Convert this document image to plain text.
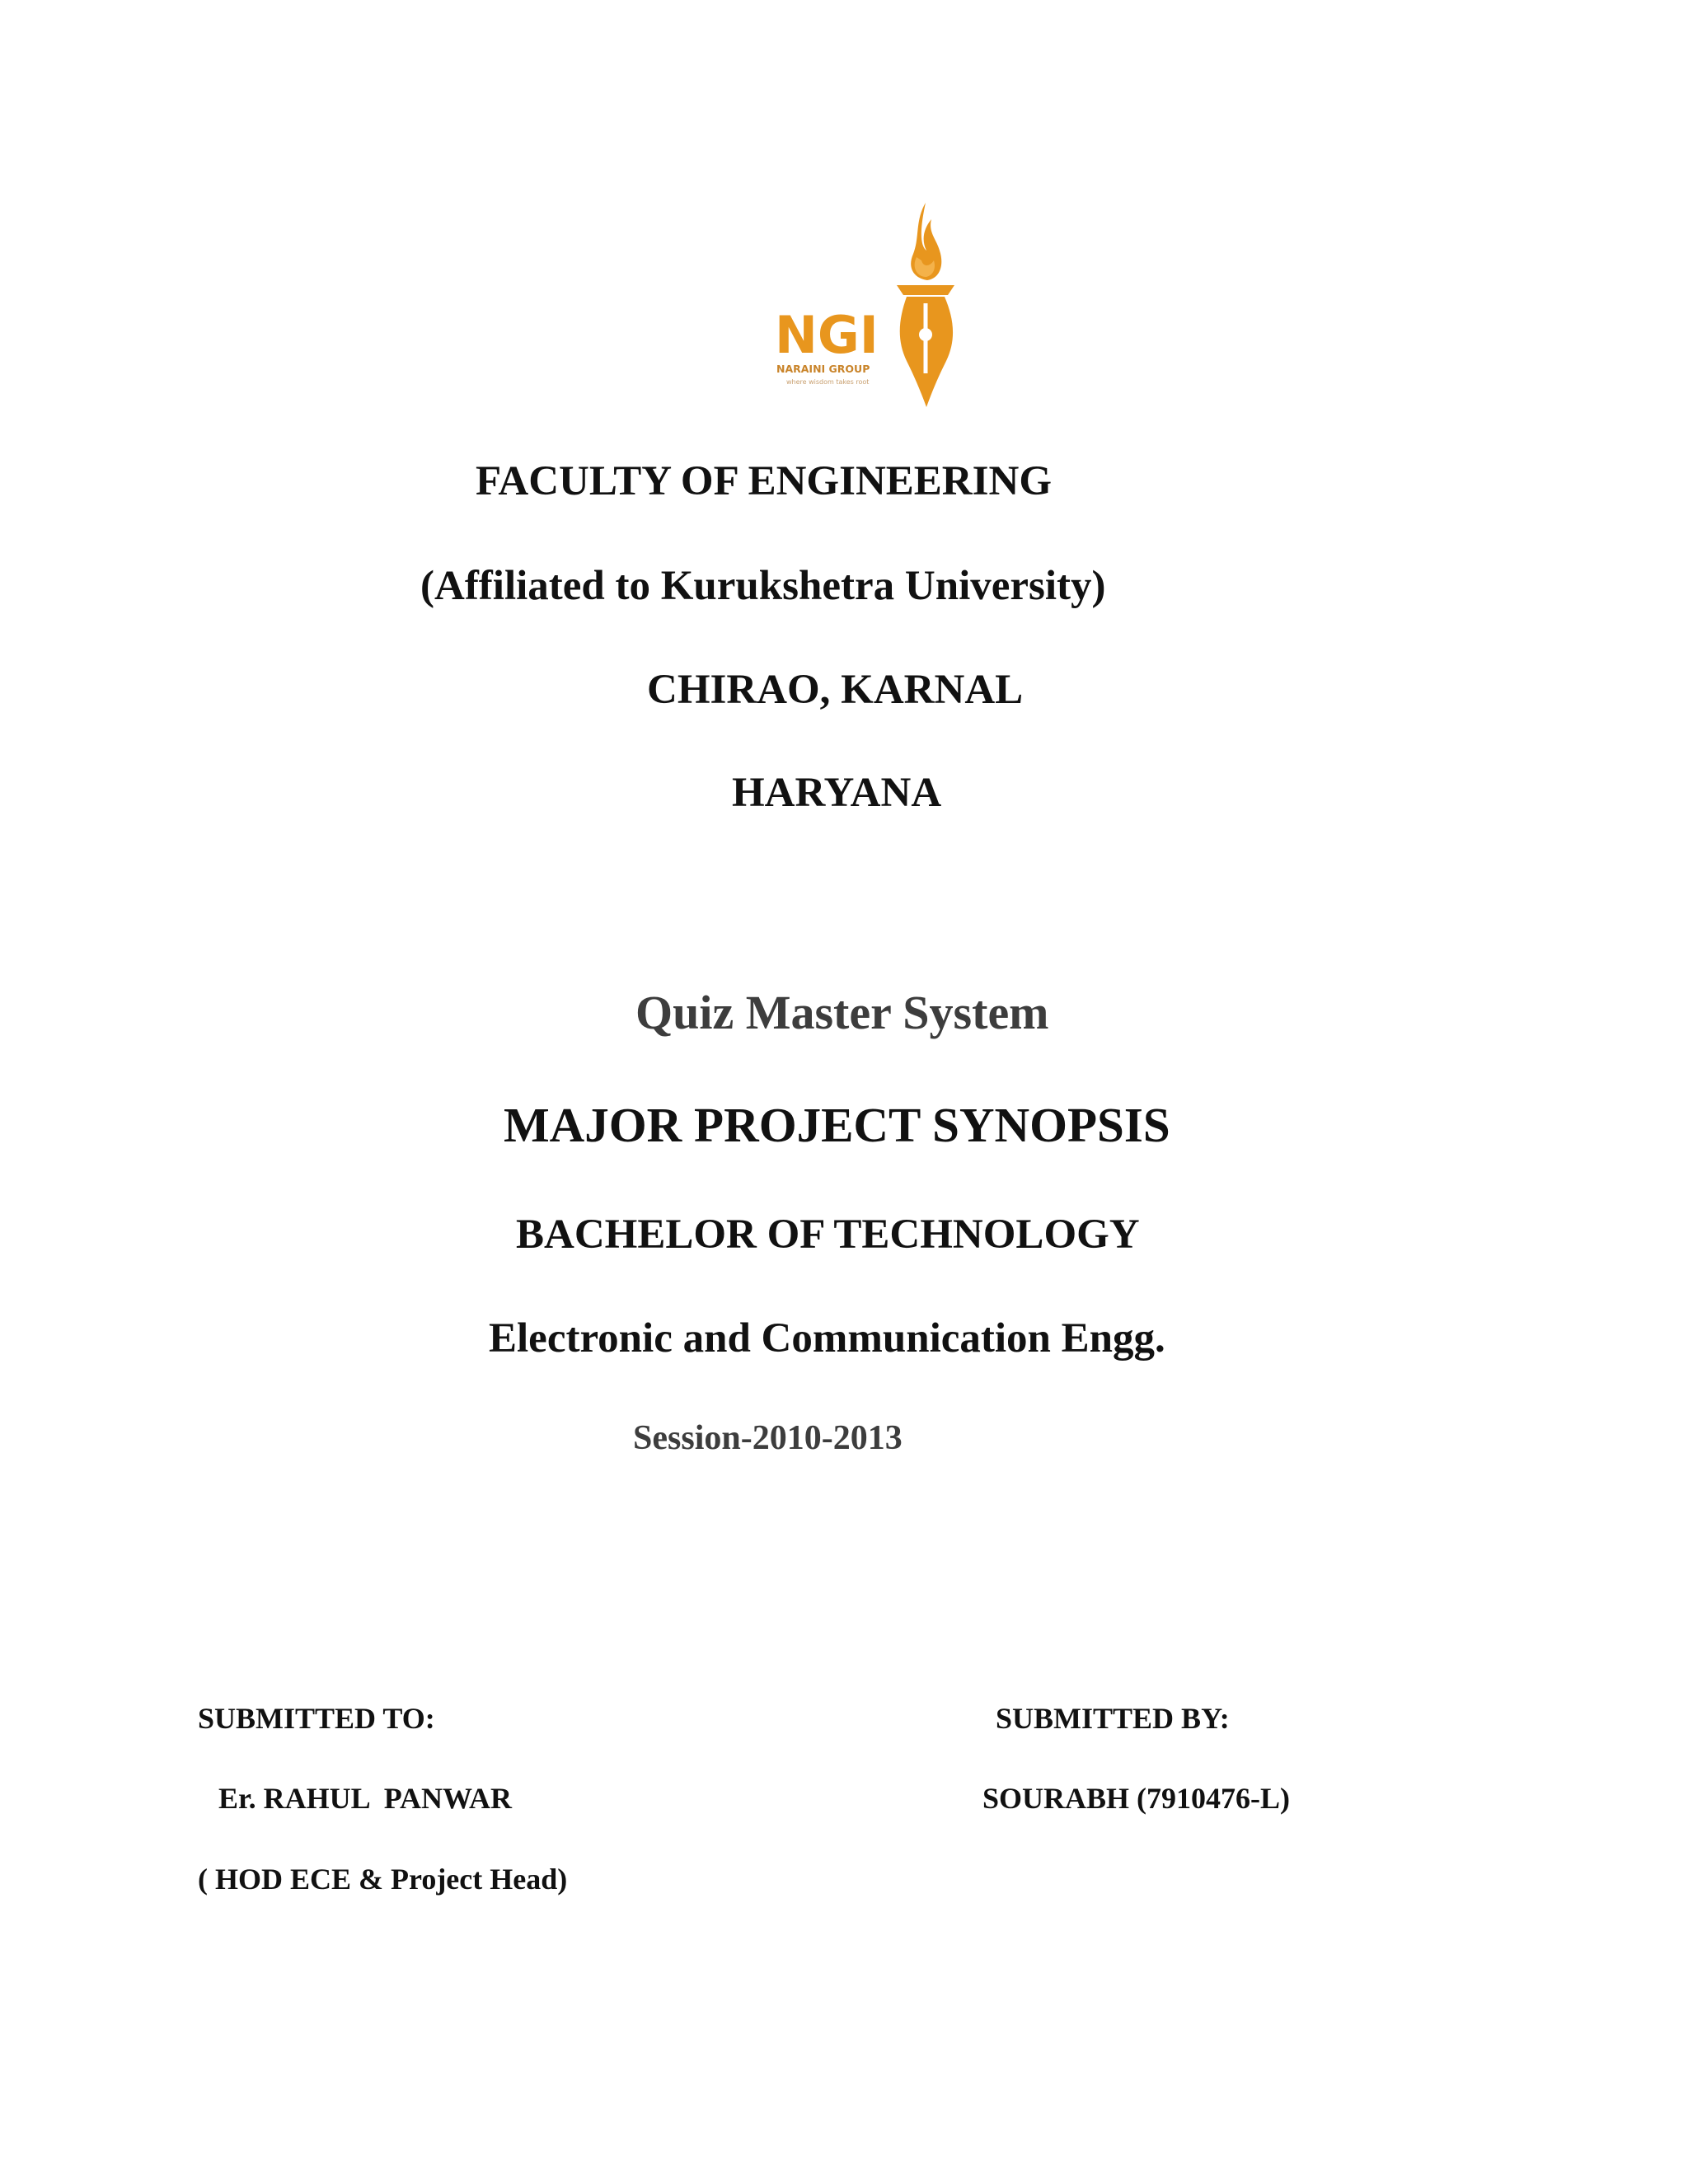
NGI
NARAINI GROUP
where wisdom takes root
FACULTY OF ENGINEERING
(Affiliated to Kurukshetra University)
CHIRAO, KARNAL
HARYANA
Quiz Master System
MAJOR PROJECT SYNOPSIS
BACHELOR OF TECHNOLOGY
Electronic and Communication Engg.
Session-2010-2013
SUBMITTED TO:
Er. RAHUL  PANWAR
( HOD ECE & Project Head)
SUBMITTED BY:
SOURABH (7910476-L)
